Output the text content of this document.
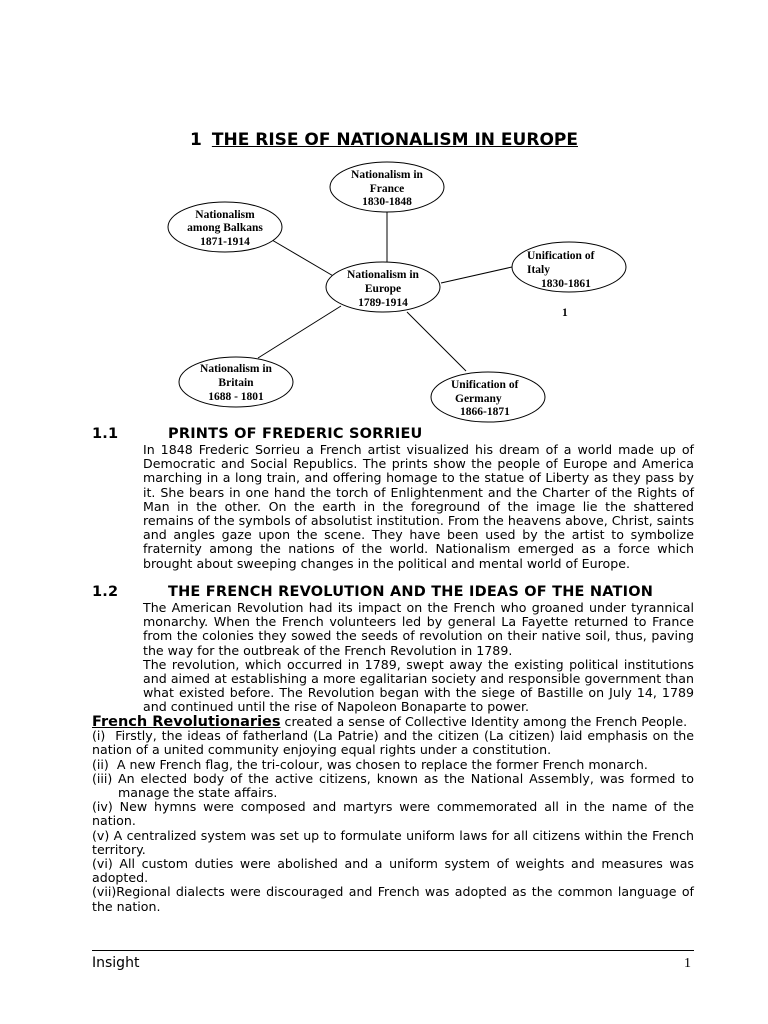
1 THE RISE OF NATIONALISM IN EUROPE
Nationalism in
Europe
1789-1914
Nationalism in
France
1830-1848
Nationalism
among Balkans
1871-1914
Unification of
Italy
1830-1861
1
Nationalism in
Britain
1688 - 1801
Unification of
Germany
1866-1871
1.1	PRINTS OF FREDERIC SORRIEU

In 1848 Frederic Sorrieu a French artist visualized his dream of a world made up of Democratic and Social Republics. The prints show the people of Europe and America marching in a long train, and offering homage to the statue of Liberty as they pass by it. She bears in one hand the torch of Enlightenment and the Charter of the Rights of Man in the other. On the earth in the foreground of the image lie the shattered remains of the symbols of absolutist institution. From the heavens above, Christ, saints and angles gaze upon the scene. They have been used by the artist to symbolize fraternity among the nations of the world. Nationalism emerged as a force which brought about sweeping changes in the political and mental world of Europe.

1.2	THE FRENCH REVOLUTION AND THE IDEAS OF THE NATION

The American Revolution had its impact on the French who groaned under tyrannical monarchy. When the French volunteers led by general La Fayette returned to France from the colonies they sowed the seeds of revolution on their native soil, thus, paving the way for the outbreak of the French Revolution in 1789.

The revolution, which occurred in 1789, swept away the existing political institutions and aimed at establishing a more egalitarian society and responsible government than what existed before. The Revolution began with the siege of Bastille on July 14, 1789 and continued until the rise of Napoleon Bonaparte to power.

French Revolutionaries created a sense of Collective Identity among the French People.

(i) Firstly, the ideas of fatherland (La Patrie) and the citizen (La citizen) laid emphasis on the nation of a united community enjoying equal rights under a constitution.

(ii) A new French flag, the tri-colour, was chosen to replace the former French monarch.

(iii) An elected body of the active citizens, known as the National Assembly, was formed to manage the state affairs.

(iv) New hymns were composed and martyrs were commemorated all in the name of the nation.

(v) A centralized system was set up to formulate uniform laws for all citizens within the French territory.

(vi) All custom duties were abolished and a uniform system of weights and measures was adopted.

(vii)Regional dialects were discouraged and French was adopted as the common language of the nation.

Insight	1
